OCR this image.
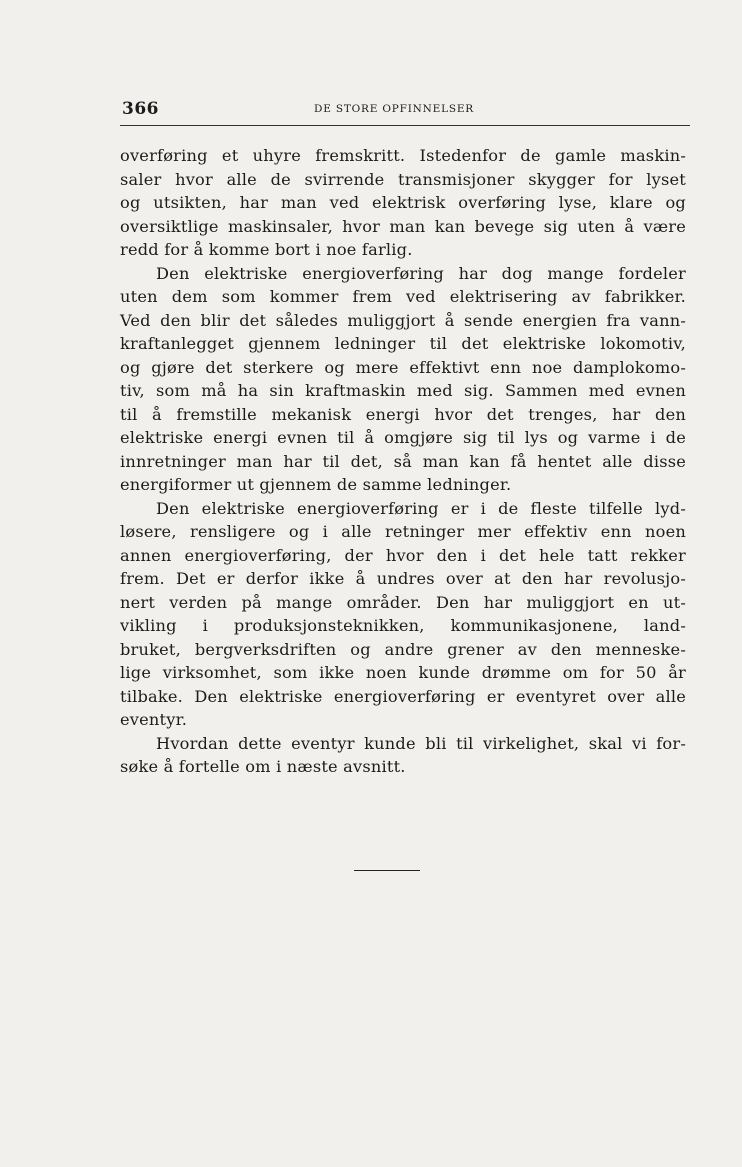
366	DE STORE OPFINNELSER
overføring et uhyre fremskritt. Istedenfor de gamle maskin-
saler hvor alle de svirrende transmisjoner skygger for lyset
og utsikten, har man ved elektrisk overføring lyse, klare og
oversiktlige maskinsaler, hvor man kan bevege sig uten å være
redd for å komme bort i noe farlig.
Den elektriske energioverføring har dog mange fordeler
uten dem som kommer frem ved elektrisering av fabrikker.
Ved den blir det således muliggjort å sende energien fra vann-
kraftanlegget gjennem ledninger til det elektriske lokomotiv,
og gjøre det sterkere og mere effektivt enn noe damplokomo-
tiv, som må ha sin kraftmaskin med sig. Sammen med evnen
til å fremstille mekanisk energi hvor det trenges, har den
elektriske energi evnen til å omgjøre sig til lys og varme i de
innretninger man har til det, så man kan få hentet alle disse
energiformer ut gjennem de samme ledninger.
Den elektriske energioverføring er i de fleste tilfelle lyd-
løsere, rensligere og i alle retninger mer effektiv enn noen
annen energioverføring, der hvor den i det hele tatt rekker
frem. Det er derfor ikke å undres over at den har revolusjo-
nert verden på mange områder. Den har muliggjort en ut-
vikling i produksjonsteknikken, kommunikasjonene, land-
bruket, bergverksdriften og andre grener av den menneske-
lige virksomhet, som ikke noen kunde drømme om for 50 år
tilbake. Den elektriske energioverføring er eventyret over alle
eventyr.
Hvordan dette eventyr kunde bli til virkelighet, skal vi for-
søke å fortelle om i næste avsnitt.
